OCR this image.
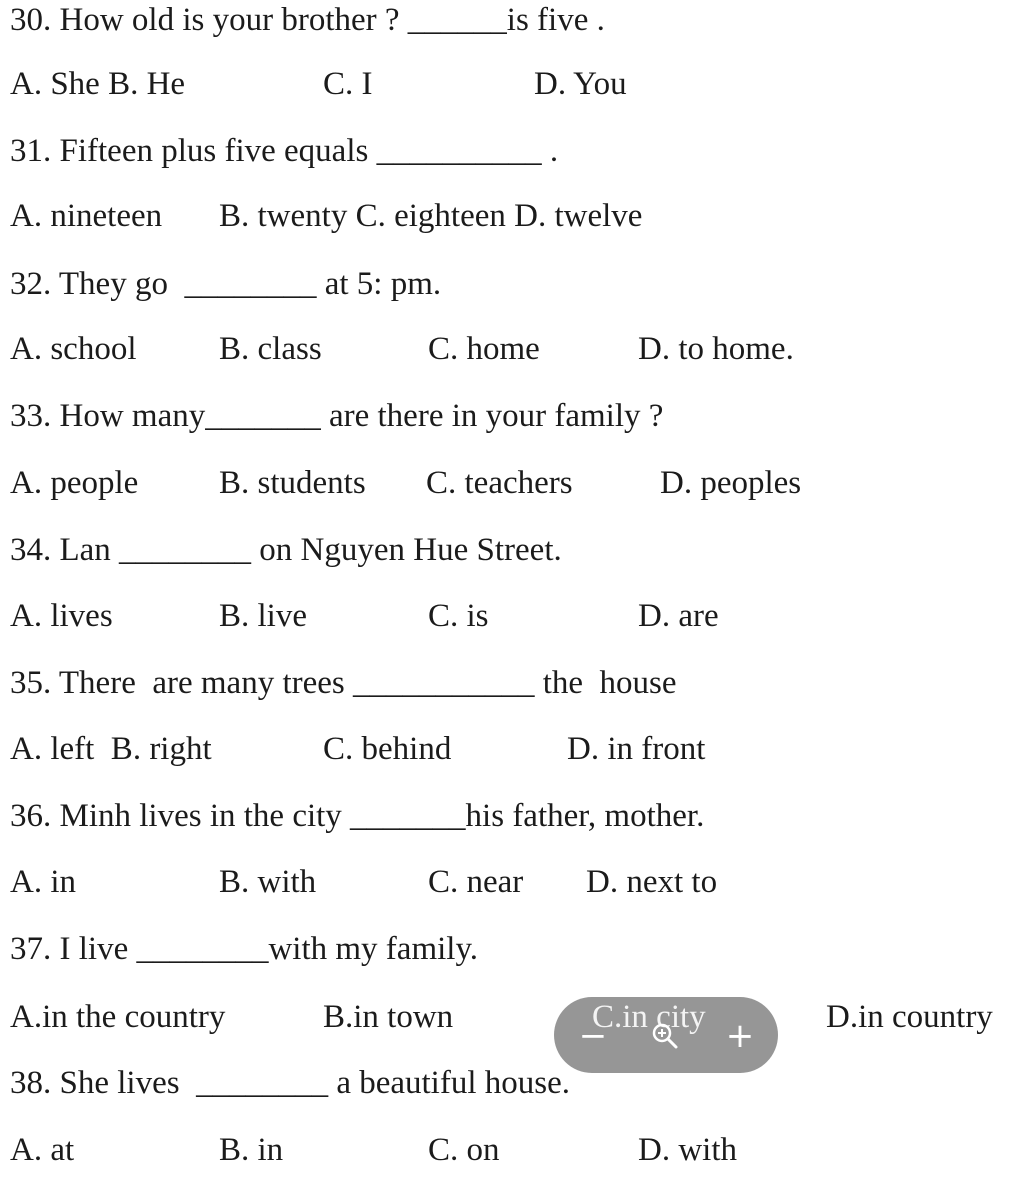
30. How old is your brother ? ______is five .
A. She B. He	C. I	D. You
31. Fifteen plus five equals __________ .
A. nineteen B. twenty C. eighteen D. twelve
32. They go  ________ at 5: pm.
A. school	B. class	C. home	D. to home.
33. How many_______ are there in your family ?
A. people B. students C. teachers	D. peoples
34. Lan ________ on Nguyen Hue Street.
A. lives	B. live	C. is	D. are
35. There  are many trees ___________ the  house
A. left  B. right	C. behind	D. in front
36. Minh lives in the city _______his father, mother.
A. in	B. with	C. near D. next to
37. I live ________with my family.
A.in the country	B.in town	C.in city
−	+ D.in country
38. She lives  ________ a beautiful house.
A. at	B. in	C. on	D. with
